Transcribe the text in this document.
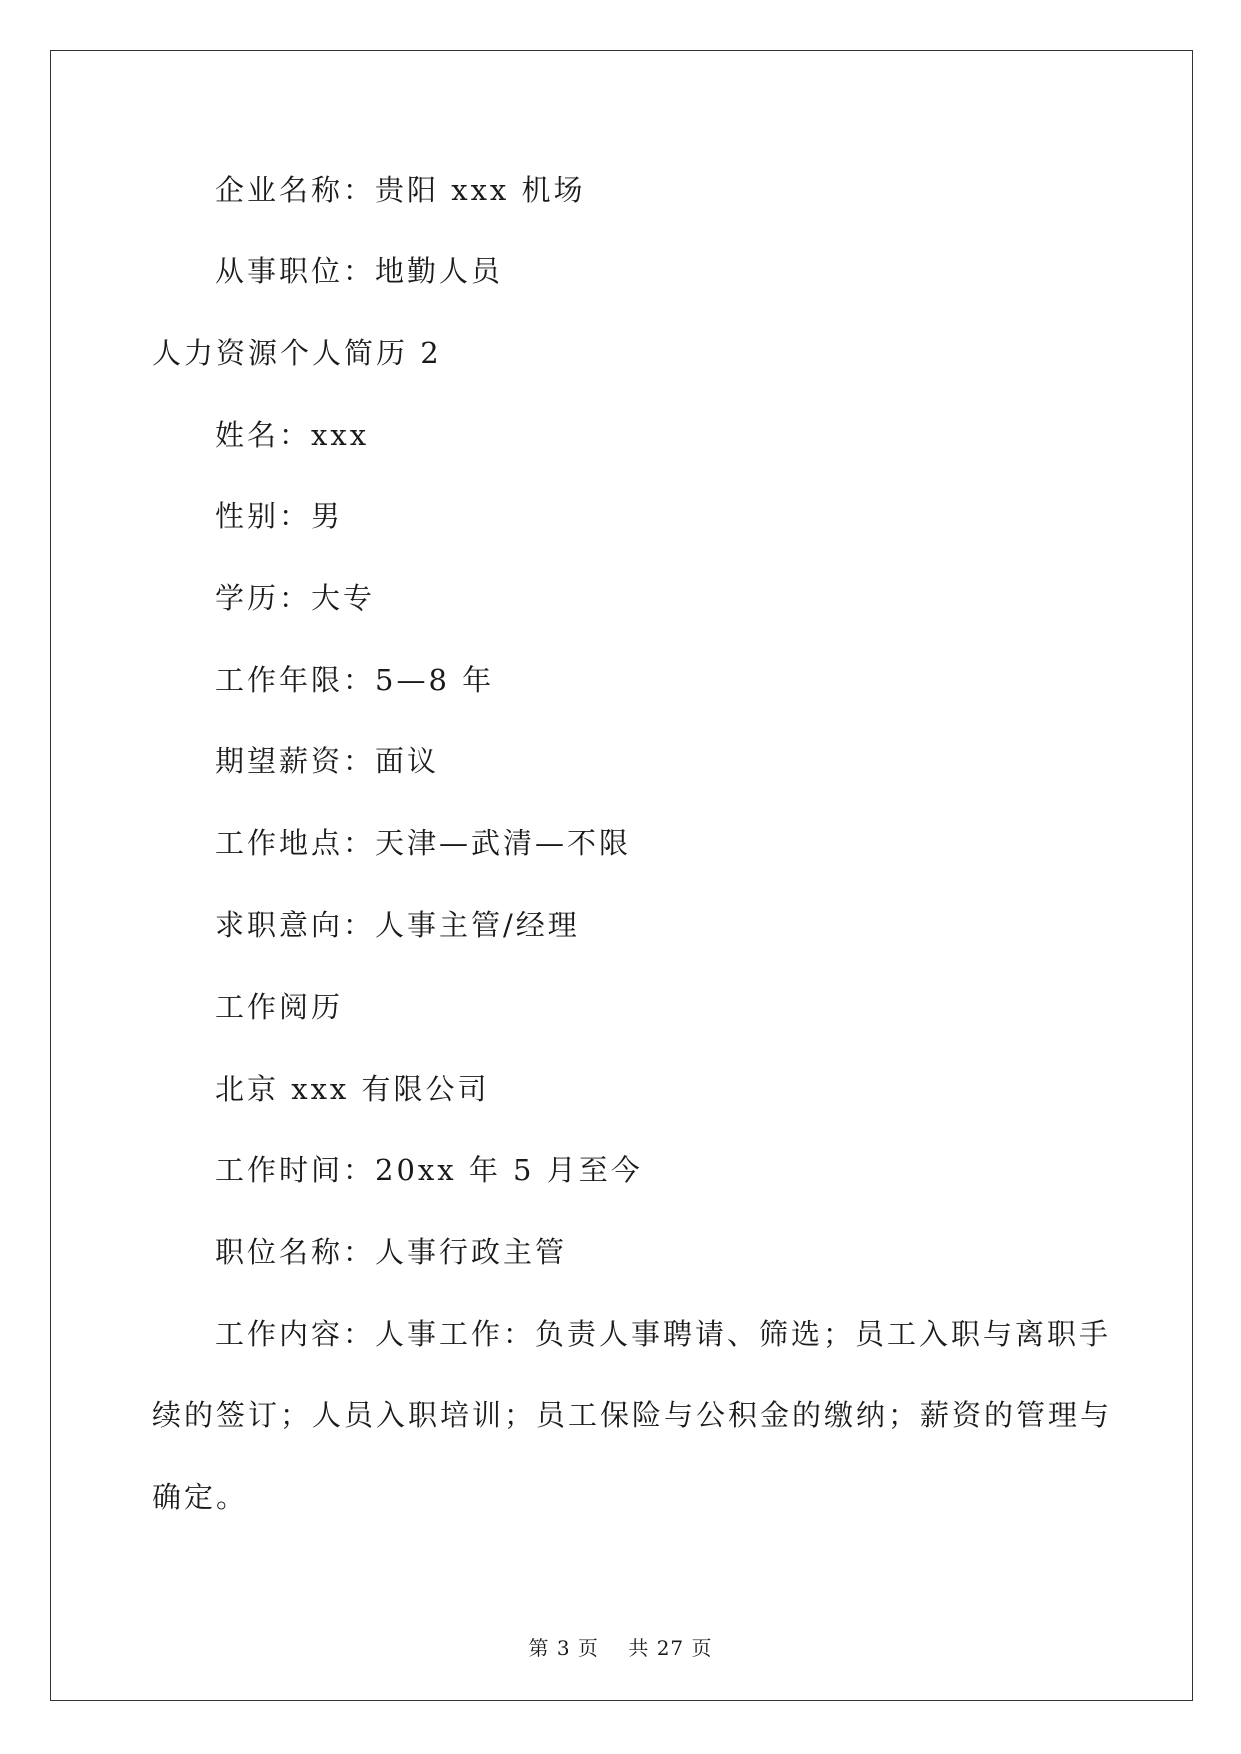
企业名称：贵阳 xxx 机场
从事职位：地勤人员
人力资源个人简历 2
姓名：xxx
性别：男
学历：大专
工作年限：5—8 年
期望薪资：面议
工作地点：天津—武清—不限
求职意向：人事主管/经理
工作阅历
北京 xxx 有限公司
工作时间：20xx 年 5 月至今
职位名称：人事行政主管
工作内容：人事工作：负责人事聘请、筛选；员工入职与离职手
续的签订；人员入职培训；员工保险与公积金的缴纳；薪资的管理与
确定。
第 3 页    共 27 页
